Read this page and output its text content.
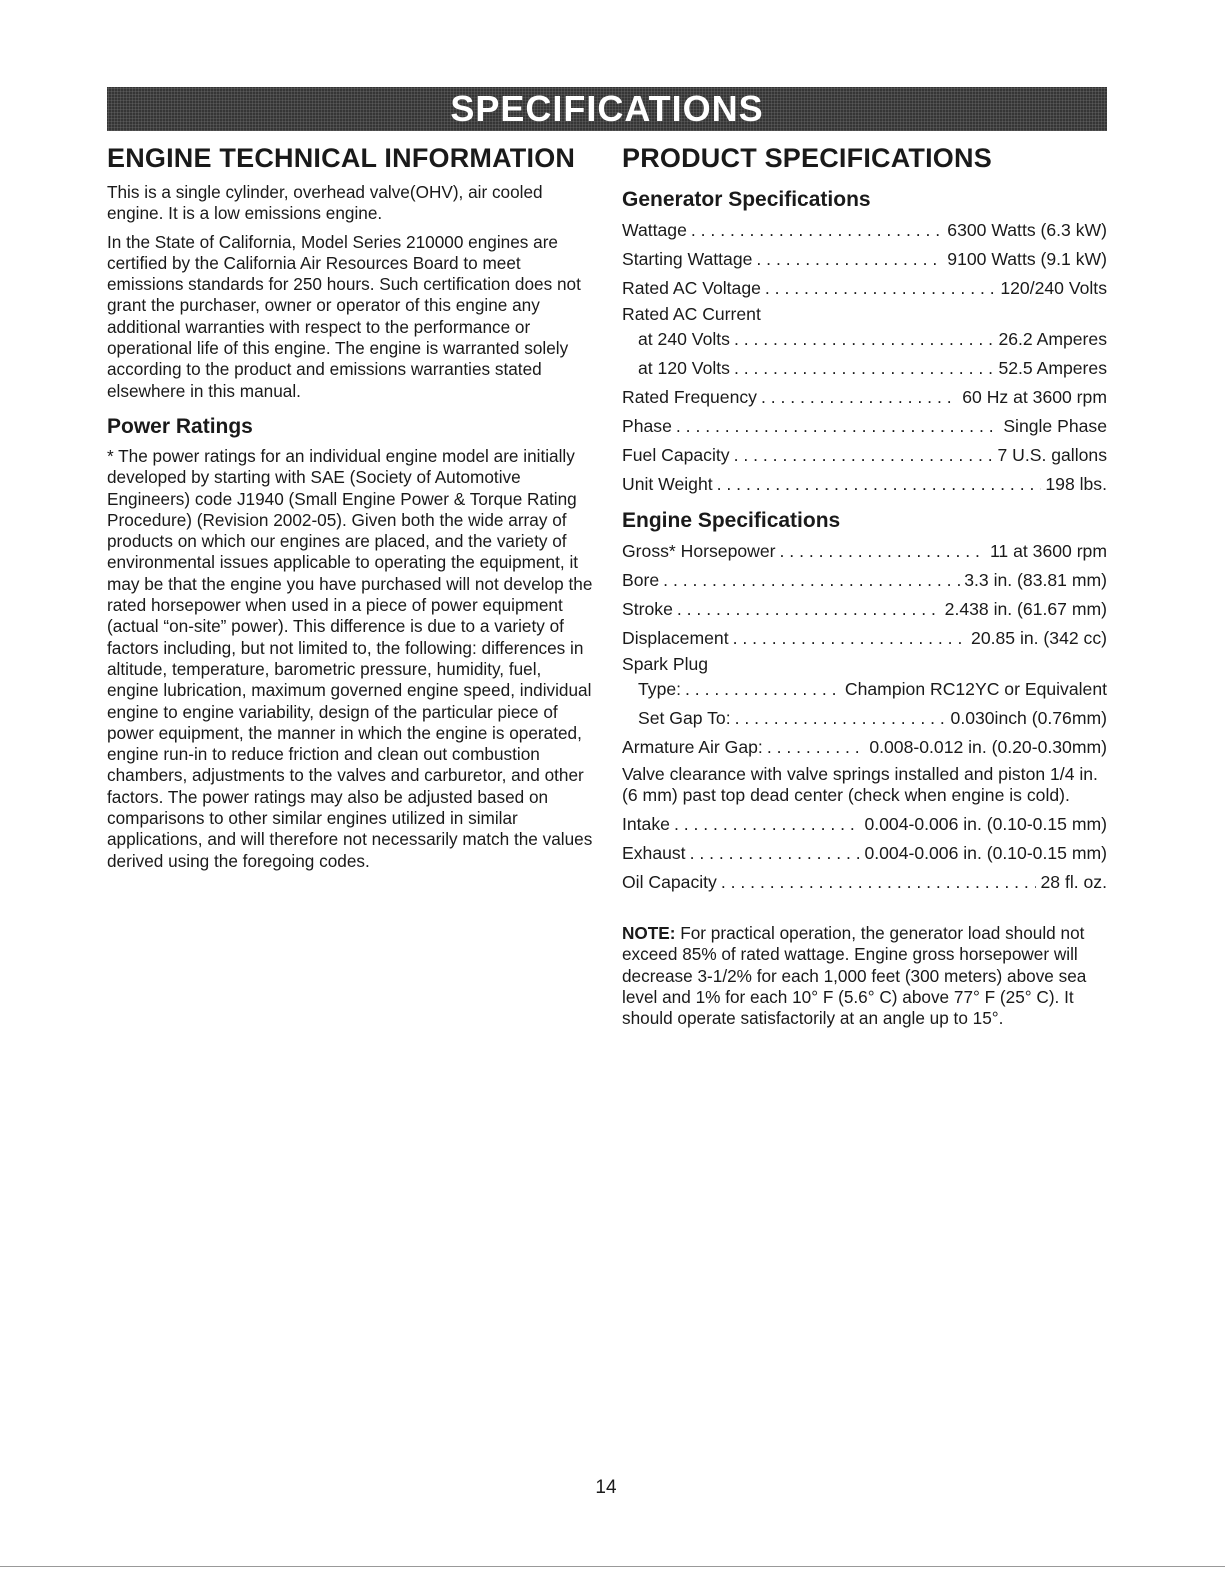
SPECIFICATIONS
ENGINE TECHNICAL INFORMATION

This is a single cylinder, overhead valve(OHV), air cooled engine. It is a low emissions engine.

In the State of California, Model Series 210000 engines are certified by the California Air Resources Board to meet emissions standards for 250 hours. Such certification does not grant the purchaser, owner or operator of this engine any additional warranties with respect to the performance or operational life of this engine. The engine is warranted solely according to the product and emissions warranties stated elsewhere in this manual.

Power Ratings

* The power ratings for an individual engine model are initially developed by starting with SAE (Society of Automotive Engineers) code J1940 (Small Engine Power & Torque Rating Procedure) (Revision 2002-05). Given both the wide array of products on which our engines are placed, and the variety of environmental issues applicable to operating the equipment, it may be that the engine you have purchased will not develop the rated horsepower when used in a piece of power equipment (actual “on-site” power). This difference is due to a variety of factors including, but not limited to, the following: differences in altitude, temperature, barometric pressure, humidity, fuel, engine lubrication, maximum governed engine speed, individual engine to engine variability, design of the particular piece of power equipment, the manner in which the engine is operated, engine run-in to reduce friction and clean out combustion chambers, adjustments to the valves and carburetor, and other factors. The power ratings may also be adjusted based on comparisons to other similar engines utilized in similar applications, and will therefore not necessarily match the values derived using the foregoing codes.

PRODUCT SPECIFICATIONS
Generator Specifications
Wattage . . .	6300 Watts (6.3 kW)
Starting Wattage . . .	9100 Watts (9.1 kW)
Rated AC Voltage . . .	120/240 Volts
Rated AC Current
at 240 Volts . . .	26.2 Amperes
at 120 Volts . . .	52.5 Amperes
Rated Frequency . . .	60 Hz at 3600 rpm
Phase . . .	Single Phase
Fuel Capacity . . .	7 U.S. gallons
Unit Weight . . .	198 lbs.
Engine Specifications
Gross* Horsepower . . .	11 at 3600 rpm
Bore . . .	3.3 in. (83.81 mm)
Stroke . . .	2.438 in. (61.67 mm)
Displacement . . .	20.85 in. (342 cc)
Spark Plug
Type: . . .	Champion RC12YC or Equivalent
Set Gap To: . . .	0.030inch (0.76mm)
Armature Air Gap: . . .	0.008-0.012 in. (0.20-0.30mm)
Valve clearance with valve springs installed and piston 1/4 in. (6 mm) past top dead center (check when engine is cold).
Intake . . .	0.004-0.006 in. (0.10-0.15 mm)
Exhaust . . .	0.004-0.006 in. (0.10-0.15 mm)
Oil Capacity . . .	28 fl. oz.

NOTE: For practical operation, the generator load should not exceed 85% of rated wattage. Engine gross horsepower will decrease 3-1/2% for each 1,000 feet (300 meters) above sea level and 1% for each 10° F (5.6° C) above 77° F (25° C). It should operate satisfactorily at an angle up to 15°.

14
